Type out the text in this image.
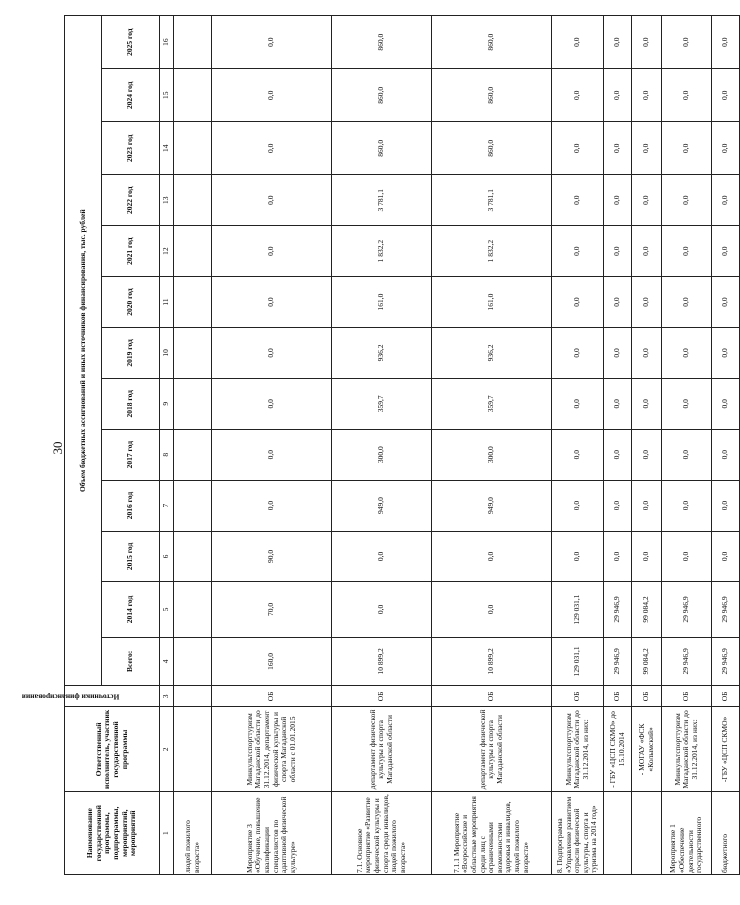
30
Наименование государственной программы, подпрограммы, мероприятий, мероприятий	Ответственный исполнитель, участник государственной программы	Источники финансирования	Объем бюджетных ассигнований и иных источников финансирования, тыс. рублей												
			Всего:	2014 год	2015 год	2016 год	2017 год	2018 год	2019 год	2020 год	2021 год	2022 год	2023 год	2024 год	2025 год
1	2	3	4	5	6	7	8	9	10	11	12	13	14	15	16
людей пожилого возраста»															
Мероприятие 3 «Обучение, повышение квалификации специалистов по адаптивной физической культуре»	Минкультспорттуризм Магаданской области до 31.12.2014, департамент физической культуры и спорта Магаданской области с 01.01.2015	ОБ	160,0	70,0	90,0	0,0	0,0	0,0	0,0	0,0	0,0	0,0	0,0	0,0	0,0
7.1. Основное мероприятие «Развитие физической культуры и спорта среди инвалидов, людей пожилого возраста»	департамент физической культуры и спорта Магаданской области	ОБ	10 899,2	0,0	0,0	949,0	300,0	359,7	936,2	161,0	1 832,2	3 781,1	860,0	860,0	860,0
7.1.1 Мероприятие «Всероссийские и областные мероприятия среди лиц с ограниченными возможностями здоровья и инвалидов, людей пожилого возраста»	департамент физической культуры и спорта Магаданской области	ОБ	10 899,2	0,0	0,0	949,0	300,0	359,7	936,2	161,0	1 832,2	3 781,1	860,0	860,0	860,0
8. Подпрограмма «Управление развитием отрасли физической культуры, спорта и туризма на 2014 год»	Минкультспорттуризм Магаданской области до 31.12.2014, из них:	ОБ	129 031,1	129 031,1	0,0	0,0	0,0	0,0	0,0	0,0	0,0	0,0	0,0	0,0	0,0
	- ГБУ «ЦСП СКМО» до 15.10.2014	ОБ	29 946,9	29 946,9	0,0	0,0	0,0	0,0	0,0	0,0	0,0	0,0	0,0	0,0	0,0
	- МОГАУ «ФСК «Колымский»	ОБ	99 084,2	99 084,2	0,0	0,0	0,0	0,0	0,0	0,0	0,0	0,0	0,0	0,0	0,0
Мероприятие 1 «Обеспечение деятельности государственного	Минкультспорттуризм Магаданской области до 31.12.2014, из них:	ОБ	29 946,9	29 946,9	0,0	0,0	0,0	0,0	0,0	0,0	0,0	0,0	0,0	0,0	0,0
бюджетного	-ГБУ «ЦСП СКМО»	ОБ	29 946,9	29 946,9	0,0	0,0	0,0	0,0	0,0	0,0	0,0	0,0	0,0	0,0	0,0
